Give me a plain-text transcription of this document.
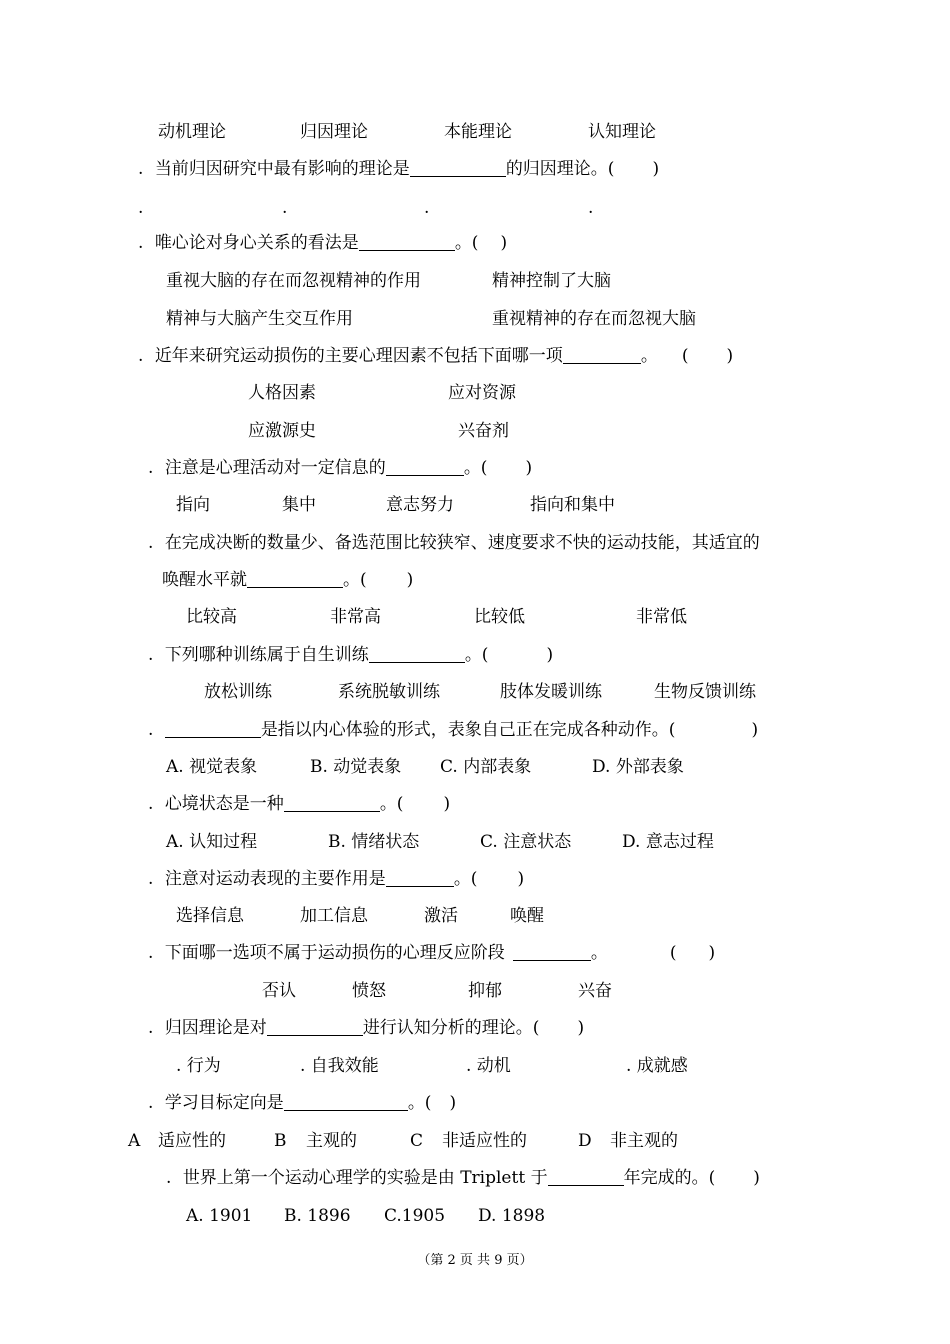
动机理论	归因理论	本能理论	认知理论
. 当前归因研究中最有影响的理论是	的归因理论。( )
.	.	.	.
. 唯心论对身心关系的看法是	。( )
重视大脑的存在而忽视精神的作用	精神控制了大脑
精神与大脑产生交互作用	重视精神的存在而忽视大脑
. 近年来研究运动损伤的主要心理因素不包括下面哪一项	。 ( )
人格因素	应对资源
应激源史	兴奋剂
. 注意是心理活动对一定信息的	。( )
指向	集中	意志努力	指向和集中
. 在完成决断的数量少、备选范围比较狭窄、速度要求不快的运动技能，其适宜的
唤醒水平就	。( )
比较高	非常高	比较低	非常低
. 下列哪种训练属于自生训练	。(	)
放松训练	系统脱敏训练	肢体发暖训练	生物反馈训练
.	是指以内心体验的形式，表象自己正在完成各种动作。(	)
A. 视觉表象	B. 动觉表象 C. 内部表象	D. 外部表象
. 心境状态是一种	。( )
A. 认知过程	B. 情绪状态	C. 注意状态	D. 意志过程
. 注意对运动表现的主要作用是	。( )
选择信息	加工信息	激活	唤醒
. 下面哪一选项不属于运动损伤的心理反应阶段	。	( )
否认	愤怒	抑郁	兴奋
. 归因理论是对	进行认知分析的理论。( )
. 行为	. 自我效能	. 动机	. 成就感
. 学习目标定向是	。( )
A 适应性的	B 主观的	C 非适应性的	D 非主观的
. 世界上第一个运动心理学的实验是由 Triplett 于	年完成的。( )
A. 1901 B. 1896 C.1905 D. 1898
（第 2 页 共 9 页）
